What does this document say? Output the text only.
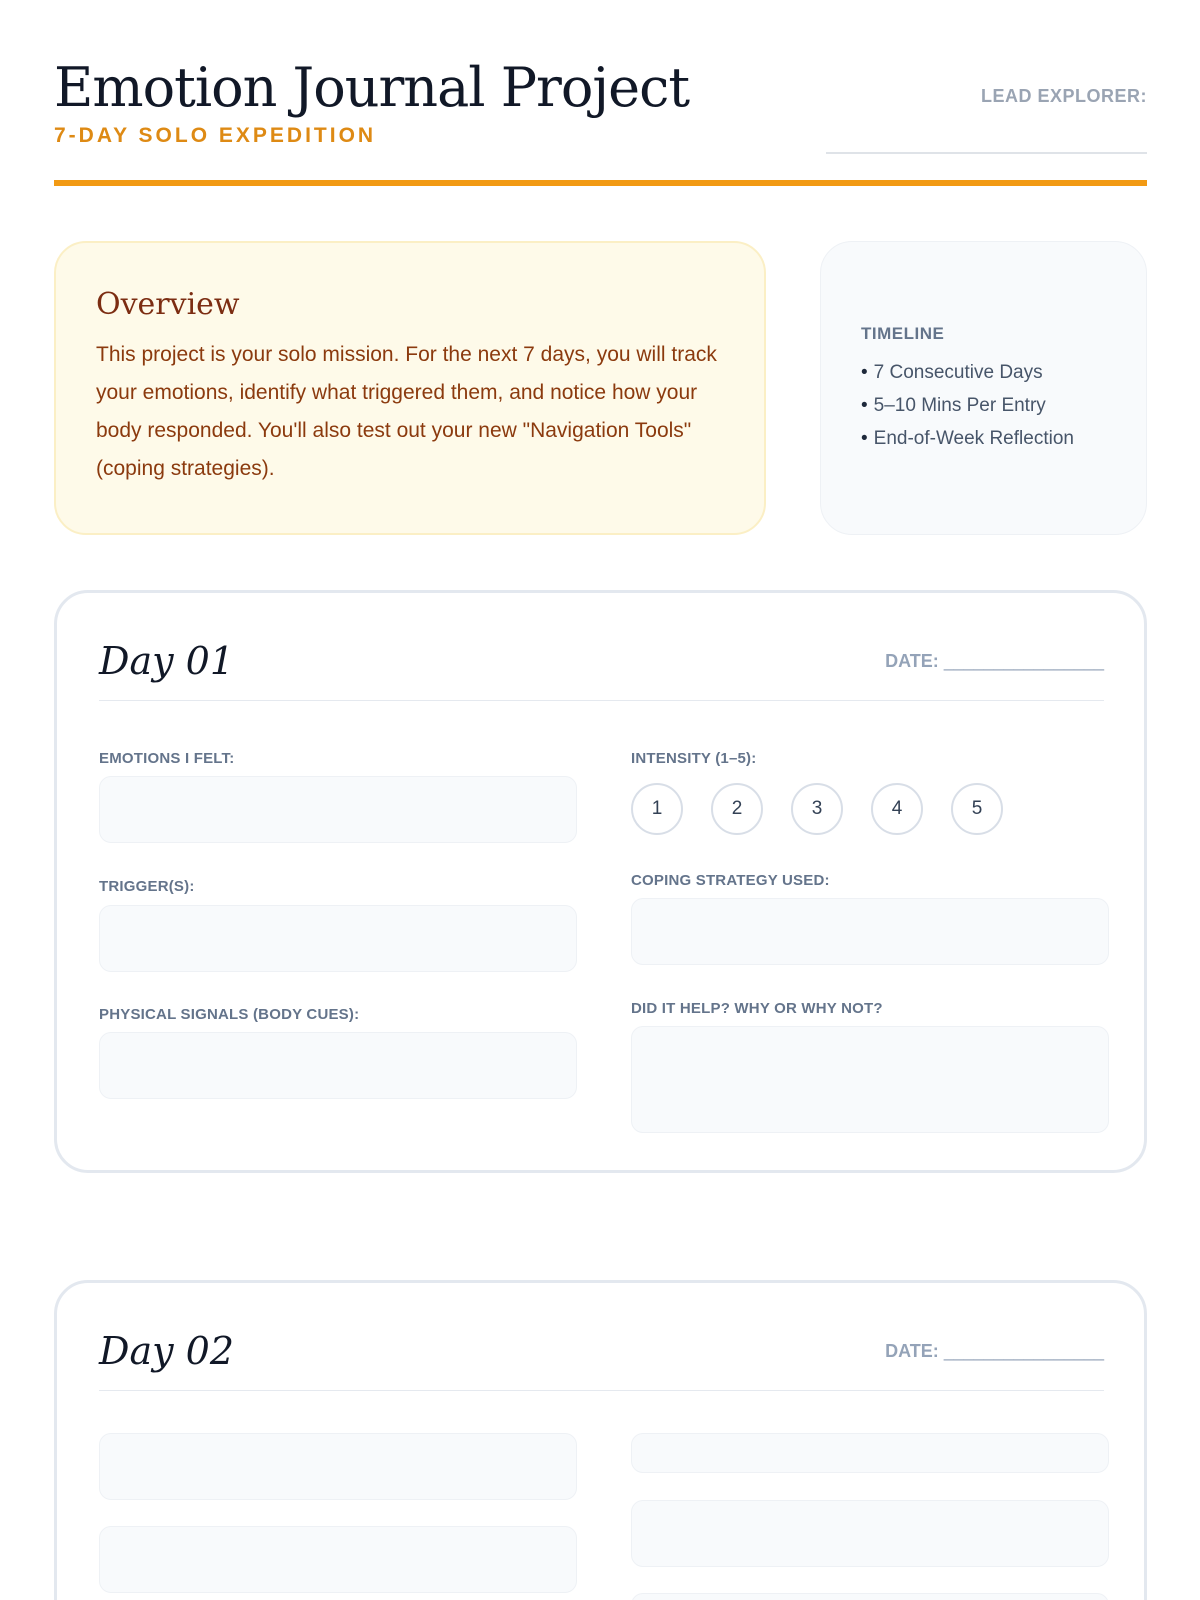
Emotion Journal Project
7-DAY SOLO EXPEDITION
LEAD EXPLORER:
Overview

This project is your solo mission. For the next 7 days, you will track your emotions, identify what triggered them, and notice how your body responded. You'll also test out your new "Navigation Tools" (coping strategies).

TIMELINE
• 7 Consecutive Days
• 5–10 Mins Per Entry
• End-of-Week Reflection
Day 01	DATE: ________________
EMOTIONS I FELT:	INTENSITY (1–5):
1	2	3	4	5
TRIGGER(S):	COPING STRATEGY USED:
PHYSICAL SIGNALS (BODY CUES):	DID IT HELP? WHY OR WHY NOT?
Day 02	DATE: ________________
